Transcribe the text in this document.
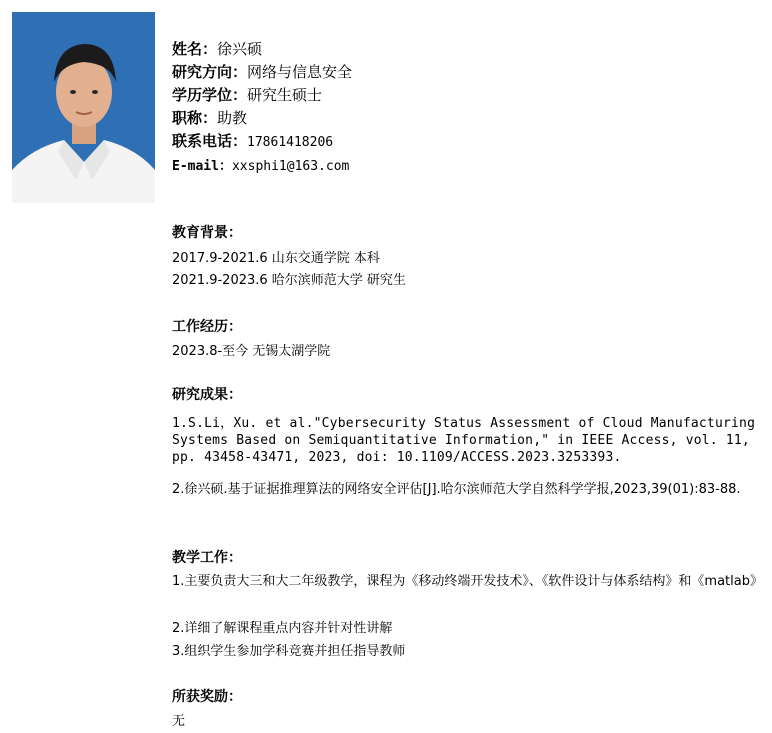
姓名：徐兴硕
研究方向：网络与信息安全
学历学位：研究生硕士
职称：助教
联系电话：17861418206
E-mail：xxsphi1@163.com
教育背景：
2017.9-2021.6 山东交通学院 本科
2021.9-2023.6 哈尔滨师范大学 研究生
工作经历：
2023.8-至今 无锡太湖学院
研究成果：
1.S.Li，Xu. et al."Cybersecurity Status Assessment of Cloud Manufacturing Systems Based on Semiquantitative Information," in IEEE Access, vol. 11, pp. 43458-43471, 2023, doi: 10.1109/ACCESS.2023.3253393.
2.徐兴硕.基于证据推理算法的网络安全评估[J].哈尔滨师范大学自然科学学报,2023,39(01):83-88.
教学工作：
1.主要负责大三和大二年级教学，课程为《移动终端开发技术》、《软件设计与体系结构》和《matlab》
2.详细了解课程重点内容并针对性讲解
3.组织学生参加学科竞赛并担任指导教师
所获奖励：
无
